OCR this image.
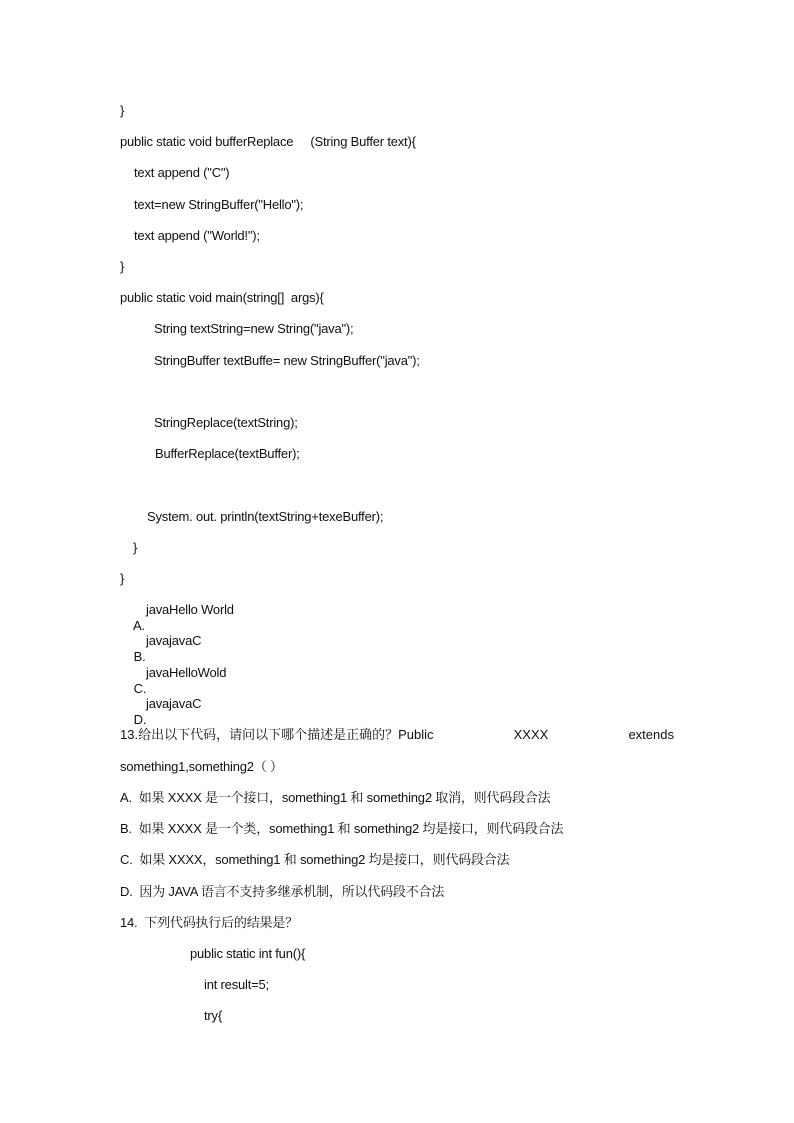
}
public static void bufferReplace     (String Buffer text){
text append ("C")
text=new StringBuffer("Hello");
text append ("World!");
}
public static void main(string[]  args){
String textString=new String("java");
StringBuffer textBuffe= new StringBuffer("java");
StringReplace(textString);
BufferReplace(textBuffer);
System. out. println(textString+texeBuffer);
}
}

A.

javaHello World

B.

javajavaC

C.

javaHelloWold

D.

javajavaC
13.给出以下代码，请问以下哪个描述是正确的？Public	XXXX	extends
something1,something2（ ）
A.  如果 XXXX 是一个接口，something1 和 something2 取消，则代码段合法
B.  如果 XXXX 是一个类，something1 和 something2 均是接口，则代码段合法
C.  如果 XXXX，something1 和 something2 均是接口，则代码段合法
D.  因为 JAVA 语言不支持多继承机制，所以代码段不合法
14.  下列代码执行后的结果是？
public static int fun(){
int result=5;
try{
